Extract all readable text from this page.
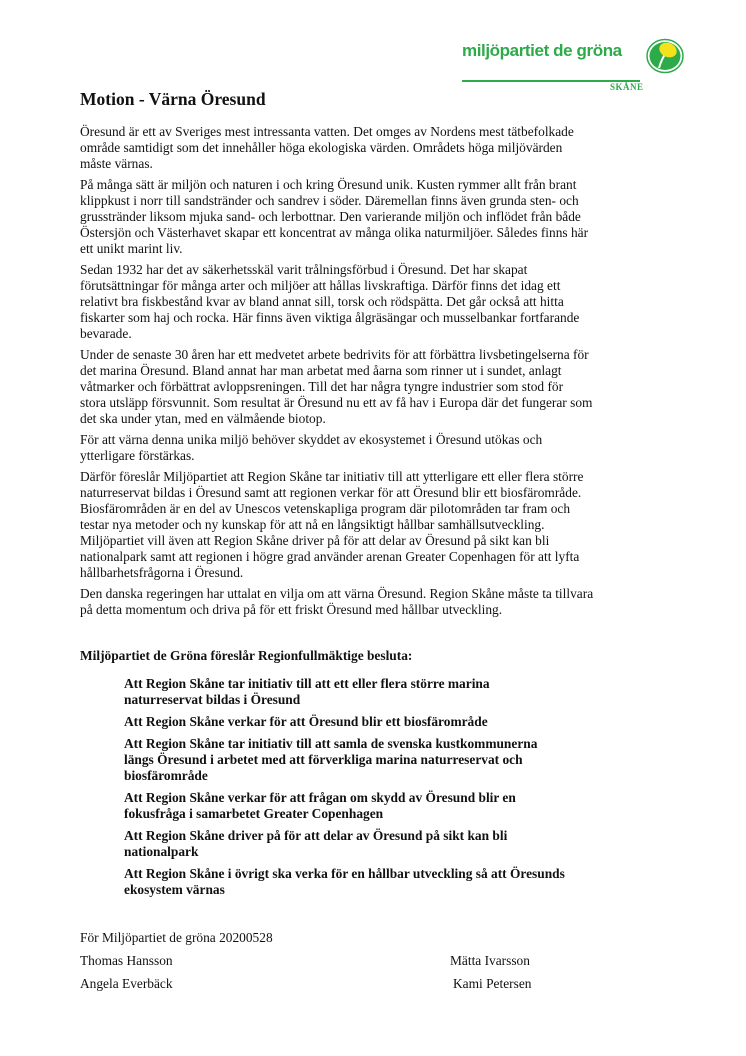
miljöpartiet de gröna
SKÅNE
Motion - Värna Öresund
Öresund är ett av Sveriges mest intressanta vatten. Det omges av Nordens mest tätbefolkade
område samtidigt som det innehåller höga ekologiska värden. Områdets höga miljövärden
måste värnas.
På många sätt är miljön och naturen i och kring Öresund unik. Kusten rymmer allt från brant
klippkust i norr till sandstränder och sandrev i söder. Däremellan finns även grunda sten- och
grusstränder liksom mjuka sand- och lerbottnar. Den varierande miljön och inflödet från både
Östersjön och Västerhavet skapar ett koncentrat av många olika naturmiljöer. Således finns här
ett unikt marint liv.
Sedan 1932 har det av säkerhetsskäl varit trålningsförbud i Öresund. Det har skapat
förutsättningar för många arter och miljöer att hållas livskraftiga. Därför finns det idag ett
relativt bra fiskbestånd kvar av bland annat sill, torsk och rödspätta. Det går också att hitta
fiskarter som haj och rocka. Här finns även viktiga ålgräsängar och musselbankar fortfarande
bevarade.
Under de senaste 30 åren har ett medvetet arbete bedrivits för att förbättra livsbetingelserna för
det marina Öresund. Bland annat har man arbetat med åarna som rinner ut i sundet, anlagt
våtmarker och förbättrat avloppsreningen. Till det har några tyngre industrier som stod för
stora utsläpp försvunnit. Som resultat är Öresund nu ett av få hav i Europa där det fungerar som
det ska under ytan, med en välmående biotop.
För att värna denna unika miljö behöver skyddet av ekosystemet i Öresund utökas och
ytterligare förstärkas.
Därför föreslår Miljöpartiet att Region Skåne tar initiativ till att ytterligare ett eller flera större
naturreservat bildas i Öresund samt att regionen verkar för att Öresund blir ett biosfärområde.
Biosfärområden är en del av Unescos vetenskapliga program där pilotområden tar fram och
testar nya metoder och ny kunskap för att nå en långsiktigt hållbar samhällsutveckling.
Miljöpartiet vill även att Region Skåne driver på för att delar av Öresund på sikt kan bli
nationalpark samt att regionen i högre grad använder arenan Greater Copenhagen för att lyfta
hållbarhetsfrågorna i Öresund.
Den danska regeringen har uttalat en vilja om att värna Öresund. Region Skåne måste ta tillvara
på detta momentum och driva på för ett friskt Öresund med hållbar utveckling.
Miljöpartiet de Gröna föreslår Regionfullmäktige besluta:
Att Region Skåne tar initiativ till att ett eller flera större marina
naturreservat bildas i Öresund
Att Region Skåne verkar för att Öresund blir ett biosfärområde
Att Region Skåne tar initiativ till att samla de svenska kustkommunerna
längs Öresund i arbetet med att förverkliga marina naturreservat och
biosfärområde
Att Region Skåne verkar för att frågan om skydd av Öresund blir en
fokusfråga i samarbetet Greater Copenhagen
Att Region Skåne driver på för att delar av Öresund på sikt kan bli
nationalpark
Att Region Skåne i övrigt ska verka för en hållbar utveckling så att Öresunds
ekosystem värnas
För Miljöpartiet de gröna 20200528
Thomas Hansson	Mätta Ivarsson
Angela Everbäck	Kami Petersen
